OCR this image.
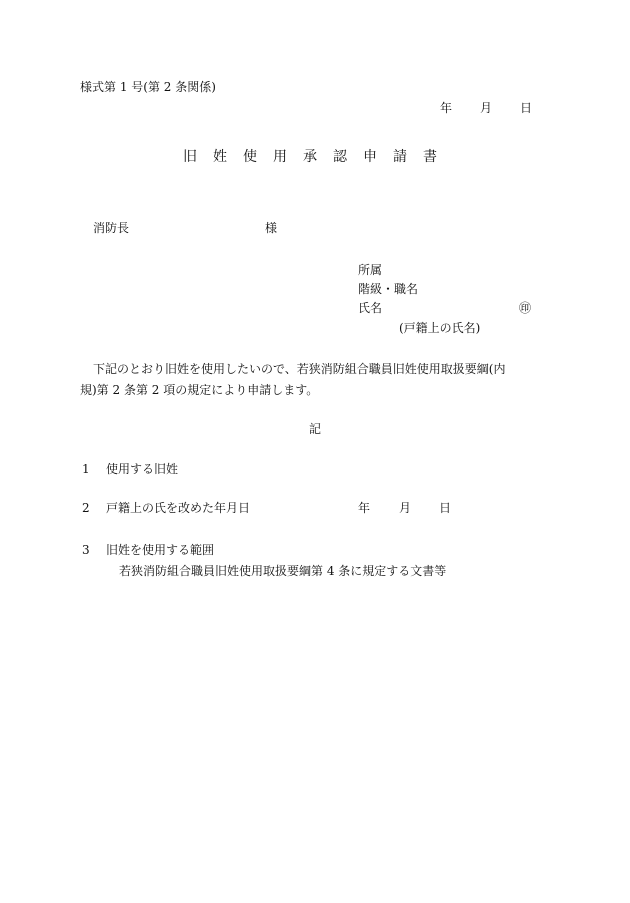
様式第 1 号(第 2 条関係)
年 月 日
旧　姓　使　用　承　認　申　請　書
消防長	様
所属
階級・職名
氏名	㊞
(戸籍上の氏名)
下記のとおり旧姓を使用したいので、若狭消防組合職員旧姓使用取扱要綱(内
規)第 2 条第 2 項の規定により申請します。
記
1 使用する旧姓
2 戸籍上の氏を改めた年月日	年 月 日
3 旧姓を使用する範囲
若狭消防組合職員旧姓使用取扱要綱第 4 条に規定する文書等
